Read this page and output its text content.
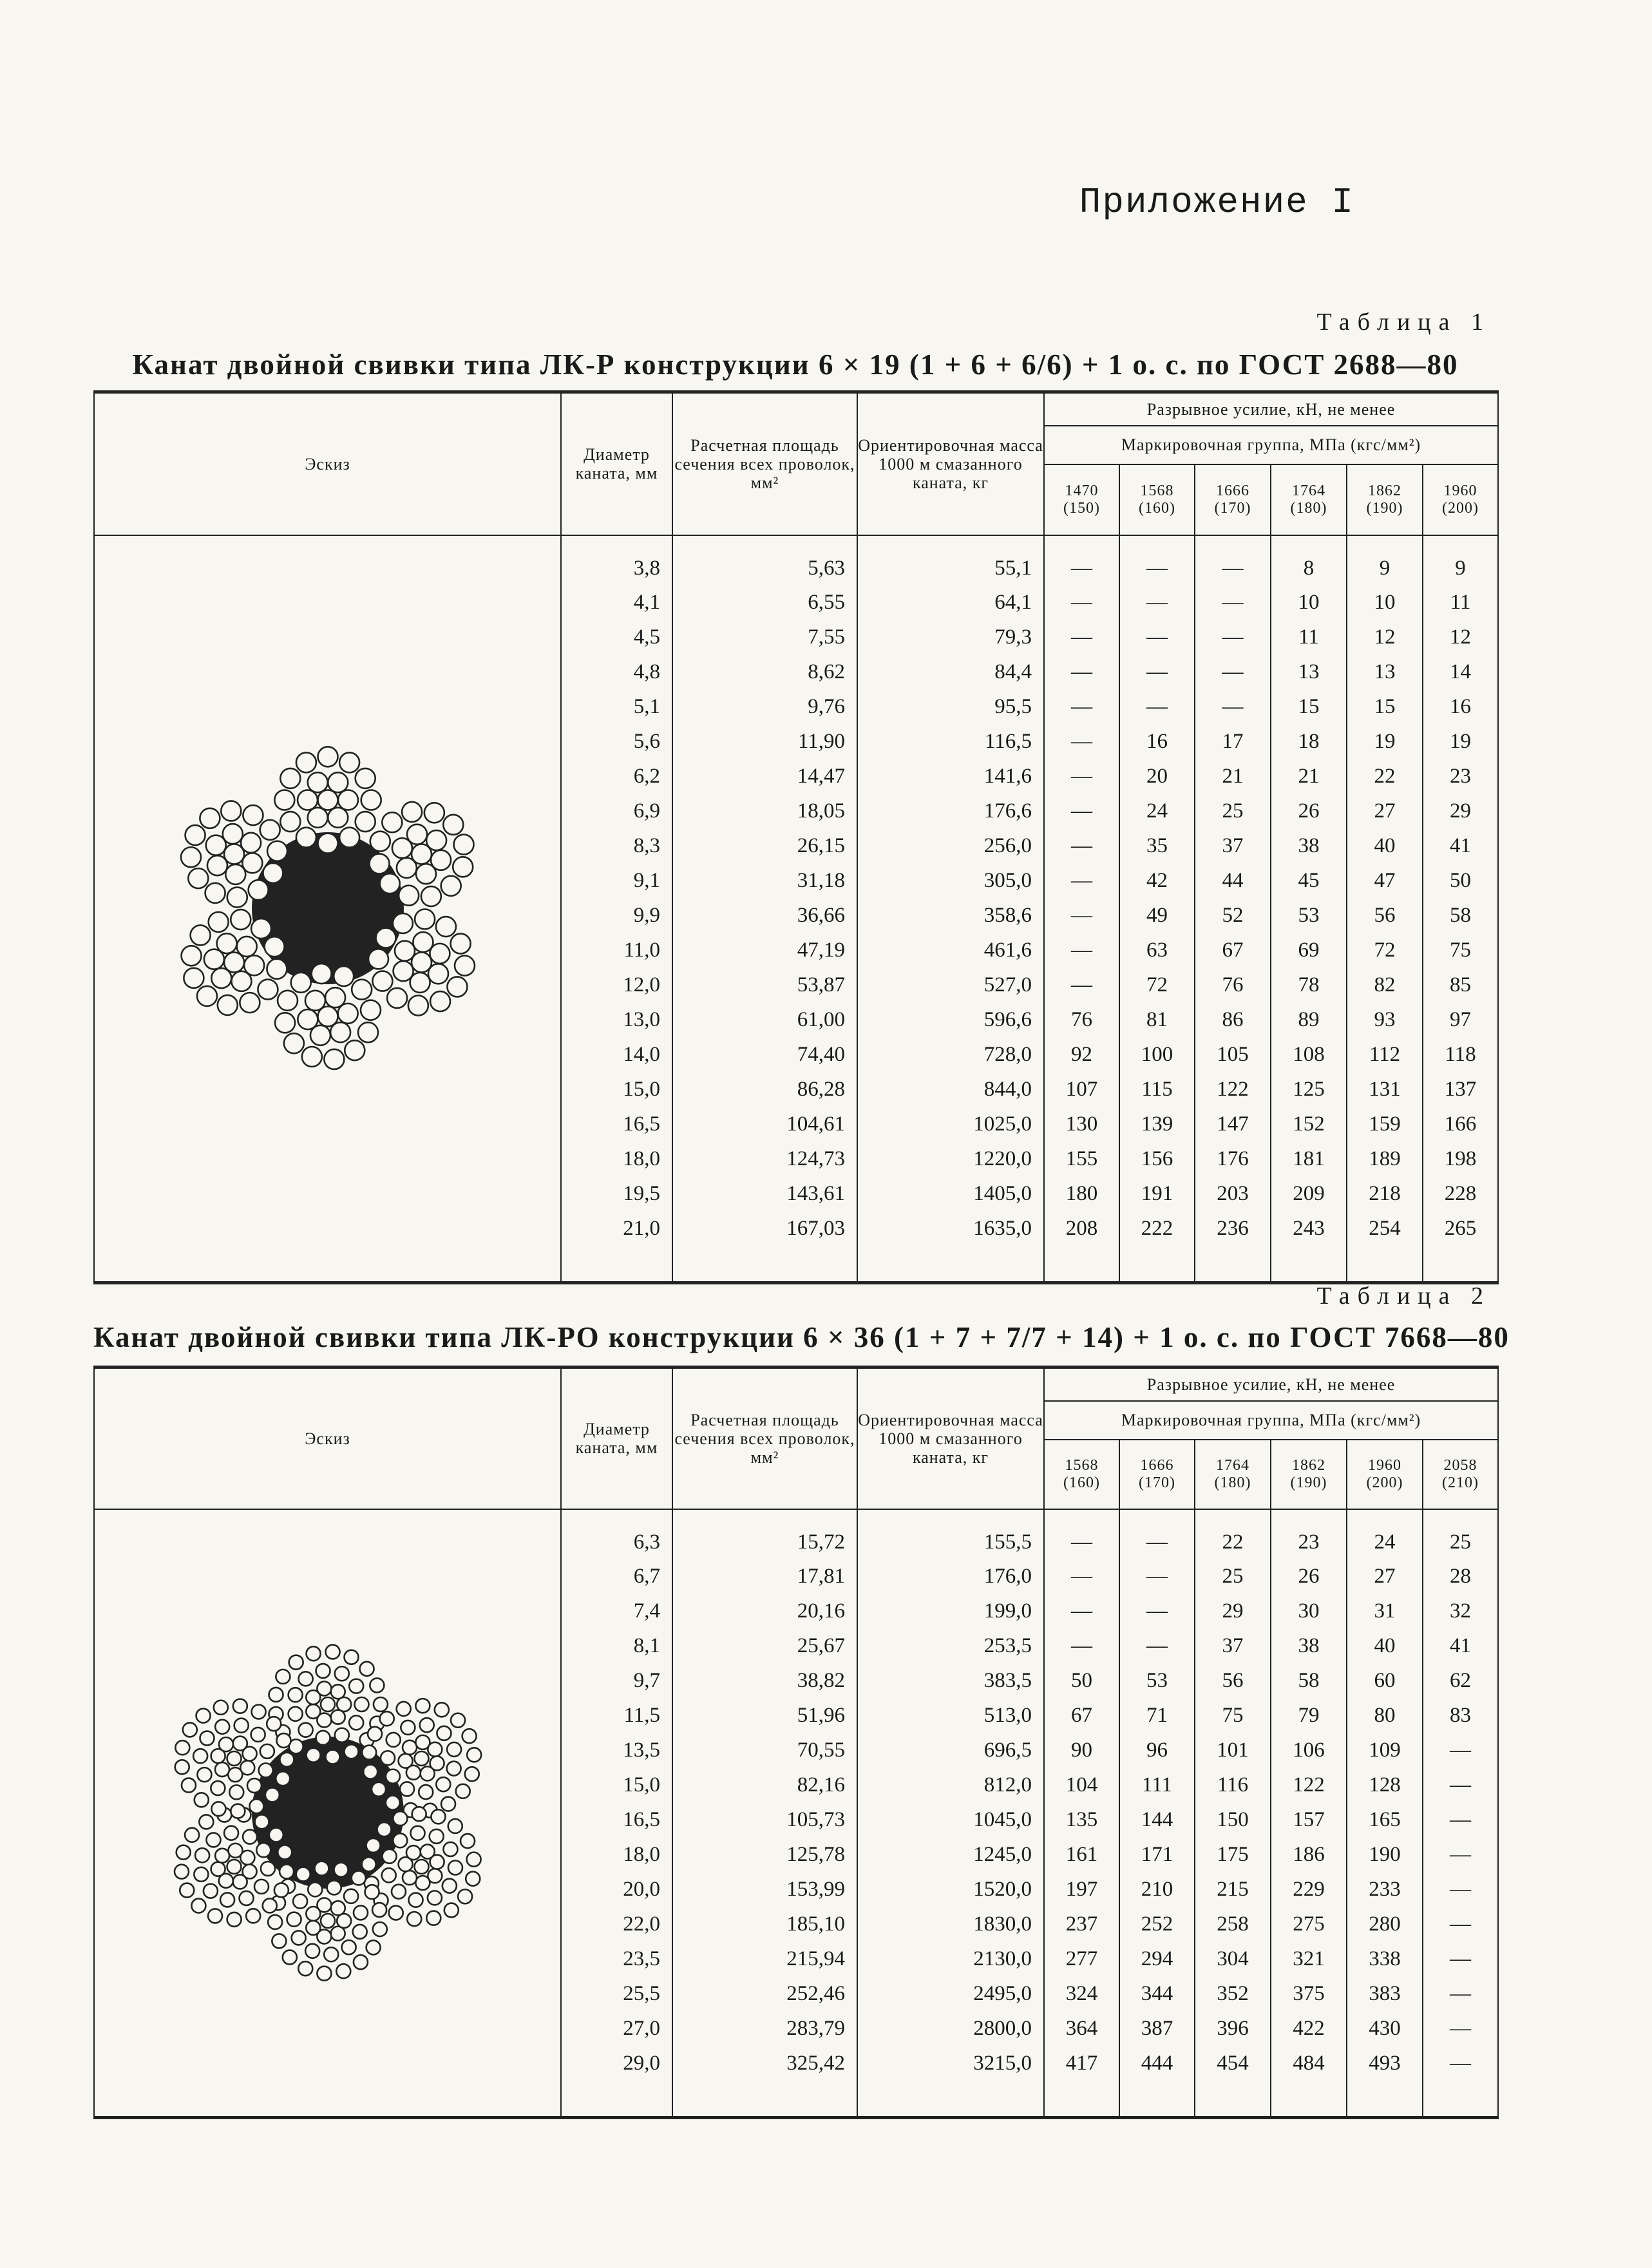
Приложение I
Таблица 1
Канат двойной свивки типа ЛК-Р конструкции 6 × 19 (1 + 6 + 6/6) + 1 о. с. по ГОСТ 2688—80
Эскиз	Диаметр каната, мм	Расчетная площадь сечения всех проволок, мм²	Ориентировочная масса 1000 м смазанного каната, кг	Разрывное усилие, кН, не менее					
				Маркировочная группа, МПа (кгс/мм²)					
				1470
(150)	1568
(160)	1666
(170)	1764
(180)	1862
(190)	1960
(200)

	3,8	5,63	55,1	—	—	—	8	9	9
	4,1	6,55	64,1	—	—	—	10	10	11
	4,5	7,55	79,3	—	—	—	11	12	12
	4,8	8,62	84,4	—	—	—	13	13	14
	5,1	9,76	95,5	—	—	—	15	15	16
	5,6	11,90	116,5	—	16	17	18	19	19
	6,2	14,47	141,6	—	20	21	21	22	23
	6,9	18,05	176,6	—	24	25	26	27	29
	8,3	26,15	256,0	—	35	37	38	40	41
	9,1	31,18	305,0	—	42	44	45	47	50
	9,9	36,66	358,6	—	49	52	53	56	58
	11,0	47,19	461,6	—	63	67	69	72	75
	12,0	53,87	527,0	—	72	76	78	82	85
	13,0	61,00	596,6	76	81	86	89	93	97
	14,0	74,40	728,0	92	100	105	108	112	118
	15,0	86,28	844,0	107	115	122	125	131	137
	16,5	104,61	1025,0	130	139	147	152	159	166
	18,0	124,73	1220,0	155	156	176	181	189	198
	19,5	143,61	1405,0	180	191	203	209	218	228
	21,0	167,03	1635,0	208	222	236	243	254	265

Таблица 2
Канат двойной свивки типа ЛК-РО конструкции 6 × 36 (1 + 7 + 7/7 + 14) + 1 о. с. по ГОСТ 7668—80
Эскиз	Диаметр каната, мм	Расчетная площадь сечения всех проволок, мм²	Ориентировочная масса 1000 м смазанного каната, кг	Разрывное усилие, кН, не менее					
				Маркировочная группа, МПа (кгс/мм²)					
				1568
(160)	1666
(170)	1764
(180)	1862
(190)	1960
(200)	2058
(210)

	6,3	15,72	155,5	—	—	22	23	24	25
	6,7	17,81	176,0	—	—	25	26	27	28
	7,4	20,16	199,0	—	—	29	30	31	32
	8,1	25,67	253,5	—	—	37	38	40	41
	9,7	38,82	383,5	50	53	56	58	60	62
	11,5	51,96	513,0	67	71	75	79	80	83
	13,5	70,55	696,5	90	96	101	106	109	—
	15,0	82,16	812,0	104	111	116	122	128	—
	16,5	105,73	1045,0	135	144	150	157	165	—
	18,0	125,78	1245,0	161	171	175	186	190	—
	20,0	153,99	1520,0	197	210	215	229	233	—
	22,0	185,10	1830,0	237	252	258	275	280	—
	23,5	215,94	2130,0	277	294	304	321	338	—
	25,5	252,46	2495,0	324	344	352	375	383	—
	27,0	283,79	2800,0	364	387	396	422	430	—
	29,0	325,42	3215,0	417	444	454	484	493	—
